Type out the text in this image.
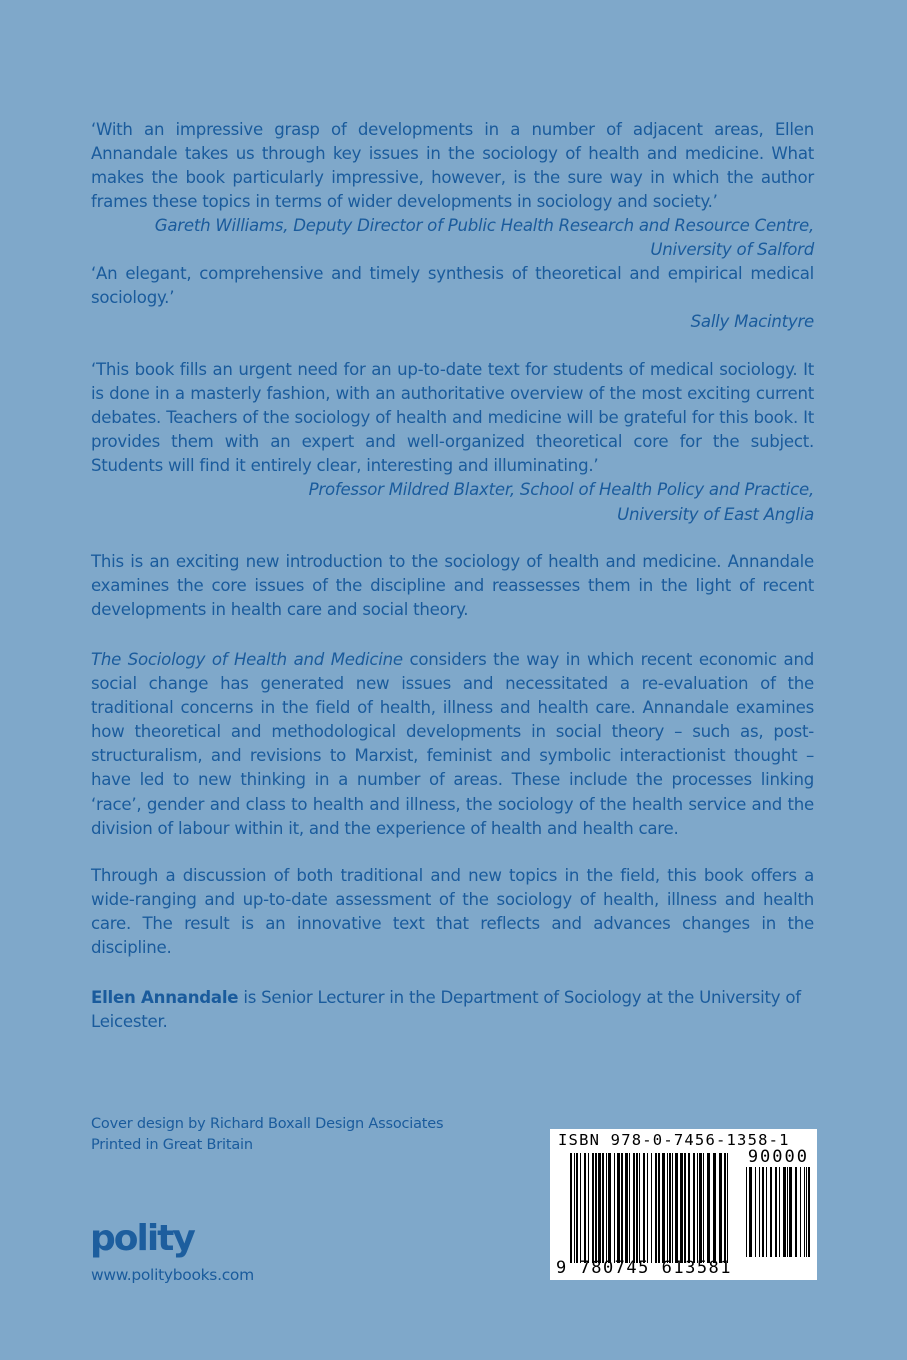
‘With an impressive grasp of developments in a number of adjacent areas, Ellen Annandale takes us through key issues in the sociology of health and medicine. What makes the book particularly impressive, however, is the sure way in which the author frames these topics in terms of wider developments in sociology and society.’
Gareth Williams, Deputy Director of Public Health Research and Resource Centre,
University of Salford
‘An elegant, comprehensive and timely synthesis of theoretical and empirical medical sociology.’
Sally Macintyre
‘This book fills an urgent need for an up-to-date text for students of medical sociology. It is done in a masterly fashion, with an authoritative overview of the most exciting current debates. Teachers of the sociology of health and medicine will be grateful for this book. It provides them with an expert and well-organized theoretical core for the subject. Students will find it entirely clear, interesting and illuminating.’
Professor Mildred Blaxter, School of Health Policy and Practice,
University of East Anglia
This is an exciting new introduction to the sociology of health and medicine. Annandale examines the core issues of the discipline and reassesses them in the light of recent developments in health care and social theory.
The Sociology of Health and Medicine considers the way in which recent economic and social change has generated new issues and necessitated a re-evaluation of the traditional concerns in the field of health, illness and health care. Annandale examines how theoretical and methodological developments in social theory – such as, post-structuralism, and revisions to Marxist, feminist and symbolic interactionist thought – have led to new thinking in a number of areas. These include the processes linking ‘race’, gender and class to health and illness, the sociology of the health service and the division of labour within it, and the experience of health and health care.
Through a discussion of both traditional and new topics in the field, this book offers a wide-ranging and up-to-date assessment of the sociology of health, illness and health care. The result is an innovative text that reflects and advances changes in the discipline.
Ellen Annandale is Senior Lecturer in the Department of Sociology at the University of Leicester.
Cover design by Richard Boxall Design Associates
Printed in Great Britain
polity
www.politybooks.com
ISBN 978-0-7456-1358-1
90000
9 780745 613581
